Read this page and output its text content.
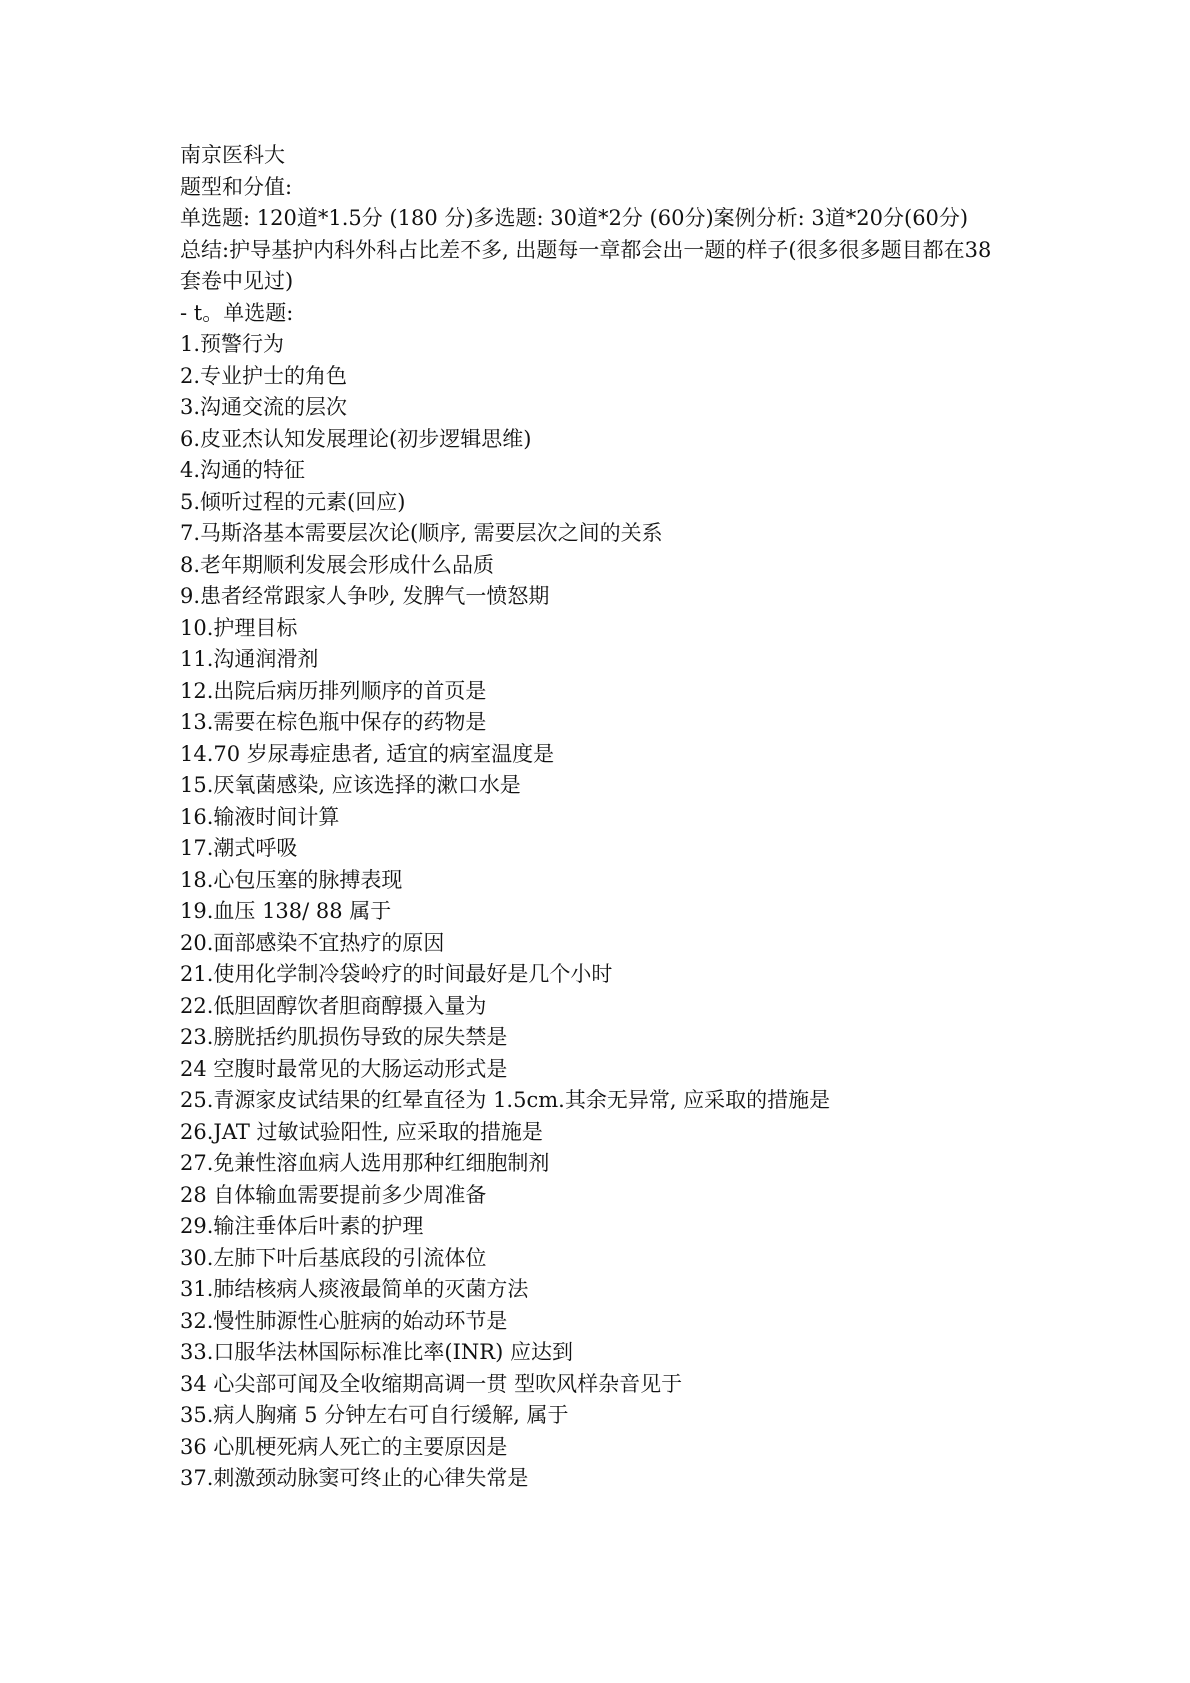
南京医科大
题型和分值:
单选题: 120道*1.5分 (180 分)多选题: 30道*2分 (60分)案例分析: 3道*20分(60分)
总结:护导基护内科外科占比差不多, 出题每一章都会出一题的样子(很多很多题目都在38套卷中见过)
- t。单选题:
1.预警行为
2.专业护士的角色
3.沟通交流的层次
6.皮亚杰认知发展理论(初步逻辑思维)
4.沟通的特征
5.倾听过程的元素(回应)
7.马斯洛基本需要层次论(顺序, 需要层次之间的关系
8.老年期顺利发展会形成什么品质
9.患者经常跟家人争吵, 发脾气一愤怒期
10.护理目标
11.沟通润滑剂
12.出院后病历排列顺序的首页是
13.需要在棕色瓶中保存的药物是
14.70 岁尿毒症患者, 适宜的病室温度是
15.厌氧菌感染, 应该选择的漱口水是
16.输液时间计算
17.潮式呼吸
18.心包压塞的脉搏表现
19.血压 138/ 88 属于
20.面部感染不宜热疗的原因
21.使用化学制冷袋岭疗的时间最好是几个小时
22.低胆固醇饮者胆商醇摄入量为
23.膀胱括约肌损伤导致的尿失禁是
24 空腹时最常见的大肠运动形式是
25.青源家皮试结果的红晕直径为 1.5cm.其余无异常, 应采取的措施是
26.JAT 过敏试验阳性, 应采取的措施是
27.免兼性溶血病人选用那种红细胞制剂
28 自体输血需要提前多少周准备
29.输注垂体后叶素的护理
30.左肺下叶后基底段的引流体位
31.肺结核病人痰液最简单的灭菌方法
32.慢性肺源性心脏病的始动环节是
33.口服华法林国际标准比率(INR) 应达到
34 心尖部可闻及全收缩期高调一贯 型吹风样杂音见于
35.病人胸痛 5 分钟左右可自行缓解, 属于
36 心肌梗死病人死亡的主要原因是
37.刺激颈动脉窦可终止的心律失常是
